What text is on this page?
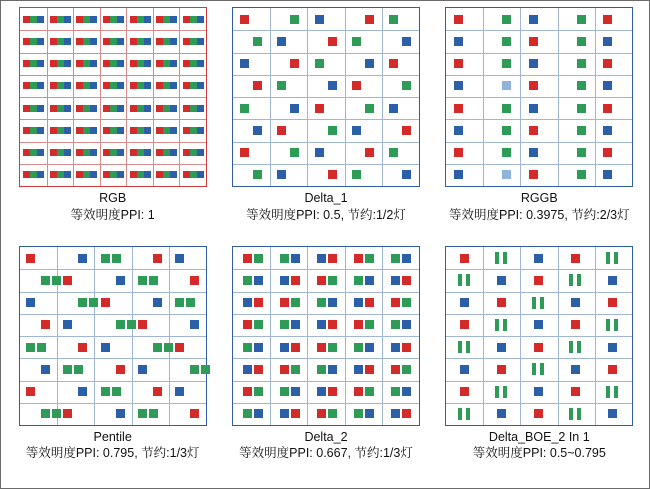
RGB
等效明度PPI: 1
Delta_1
等效明度PPI: 0.5, 节约:1/2灯
RGGB
等效明度PPI: 0.3975, 节约:2/3灯
Pentile
等效明度PPI: 0.795, 节约:1/3灯
Delta_2
等效明度PPI: 0.667, 节约:1/3灯
Delta_BOE_2 In 1
等效明度PPI: 0.5~0.795
